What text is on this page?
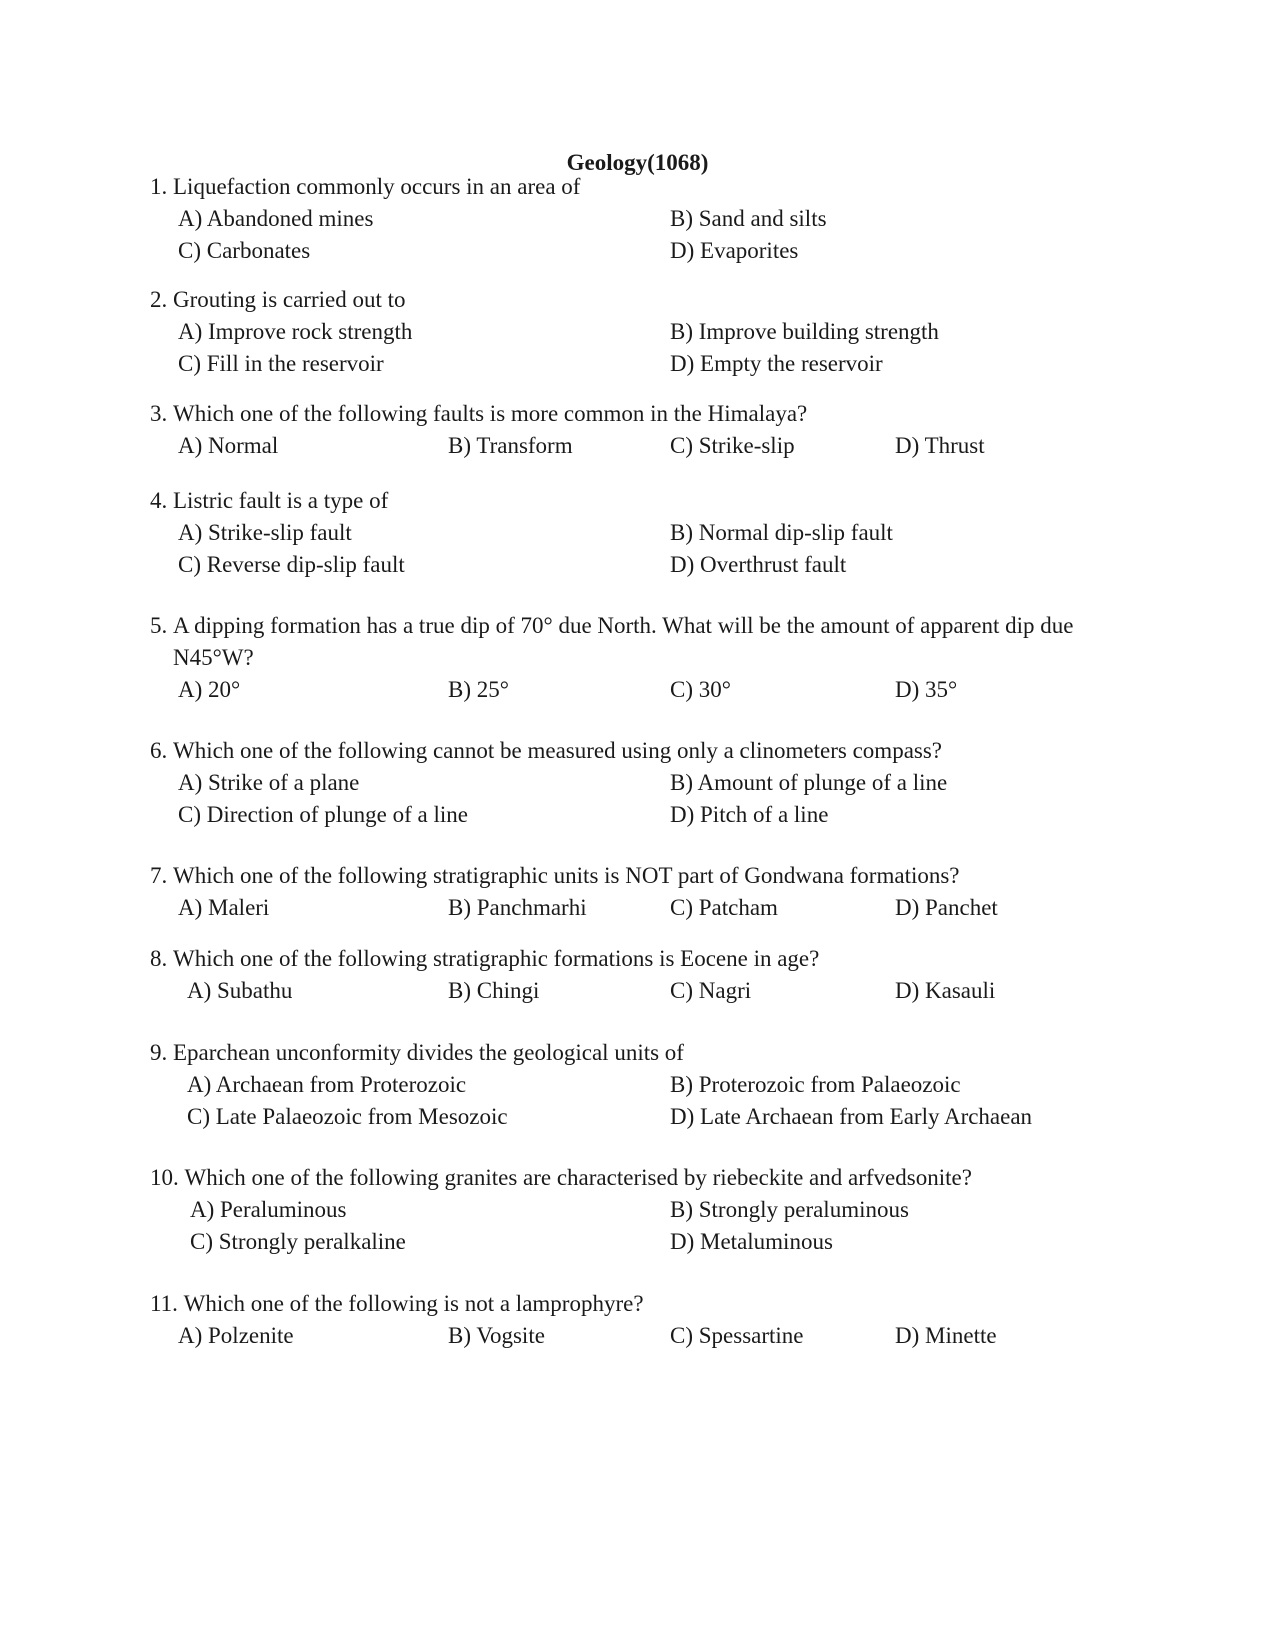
Geology(1068)
1. Liquefaction commonly occurs in an area of
A) Abandoned mines	B) Sand and silts
C) Carbonates	D) Evaporites
2. Grouting is carried out to
A) Improve rock strength	B) Improve building strength
C) Fill in the reservoir	D) Empty the reservoir
3. Which one of the following faults is more common in the Himalaya?
A) Normal	B) Transform	C) Strike-slip	D) Thrust
4. Listric fault is a type of
A) Strike-slip fault	B) Normal dip-slip fault
C) Reverse dip-slip fault	D) Overthrust fault
5. A dipping formation has a true dip of 70° due North. What will be the amount of apparent dip due N45°W?
A) 20°	B) 25°	C) 30°	D) 35°
6. Which one of the following cannot be measured using only a clinometers compass?
A) Strike of a plane	B) Amount of plunge of a line
C) Direction of plunge of a line	D) Pitch of a line
7. Which one of the following stratigraphic units is NOT part of Gondwana formations?
A) Maleri	B) Panchmarhi	C) Patcham	D) Panchet
8. Which one of the following stratigraphic formations is Eocene in age?
A) Subathu	B) Chingi	C) Nagri	D) Kasauli
9. Eparchean unconformity divides the geological units of
A) Archaean from Proterozoic	B) Proterozoic from Palaeozoic
C) Late Palaeozoic from Mesozoic	D) Late Archaean from Early Archaean
10. Which one of the following granites are characterised by riebeckite and arfvedsonite?
A) Peraluminous	B) Strongly peraluminous
C) Strongly peralkaline	D) Metaluminous
11. Which one of the following is not a lamprophyre?
A) Polzenite	B) Vogsite	C) Spessartine	D) Minette
